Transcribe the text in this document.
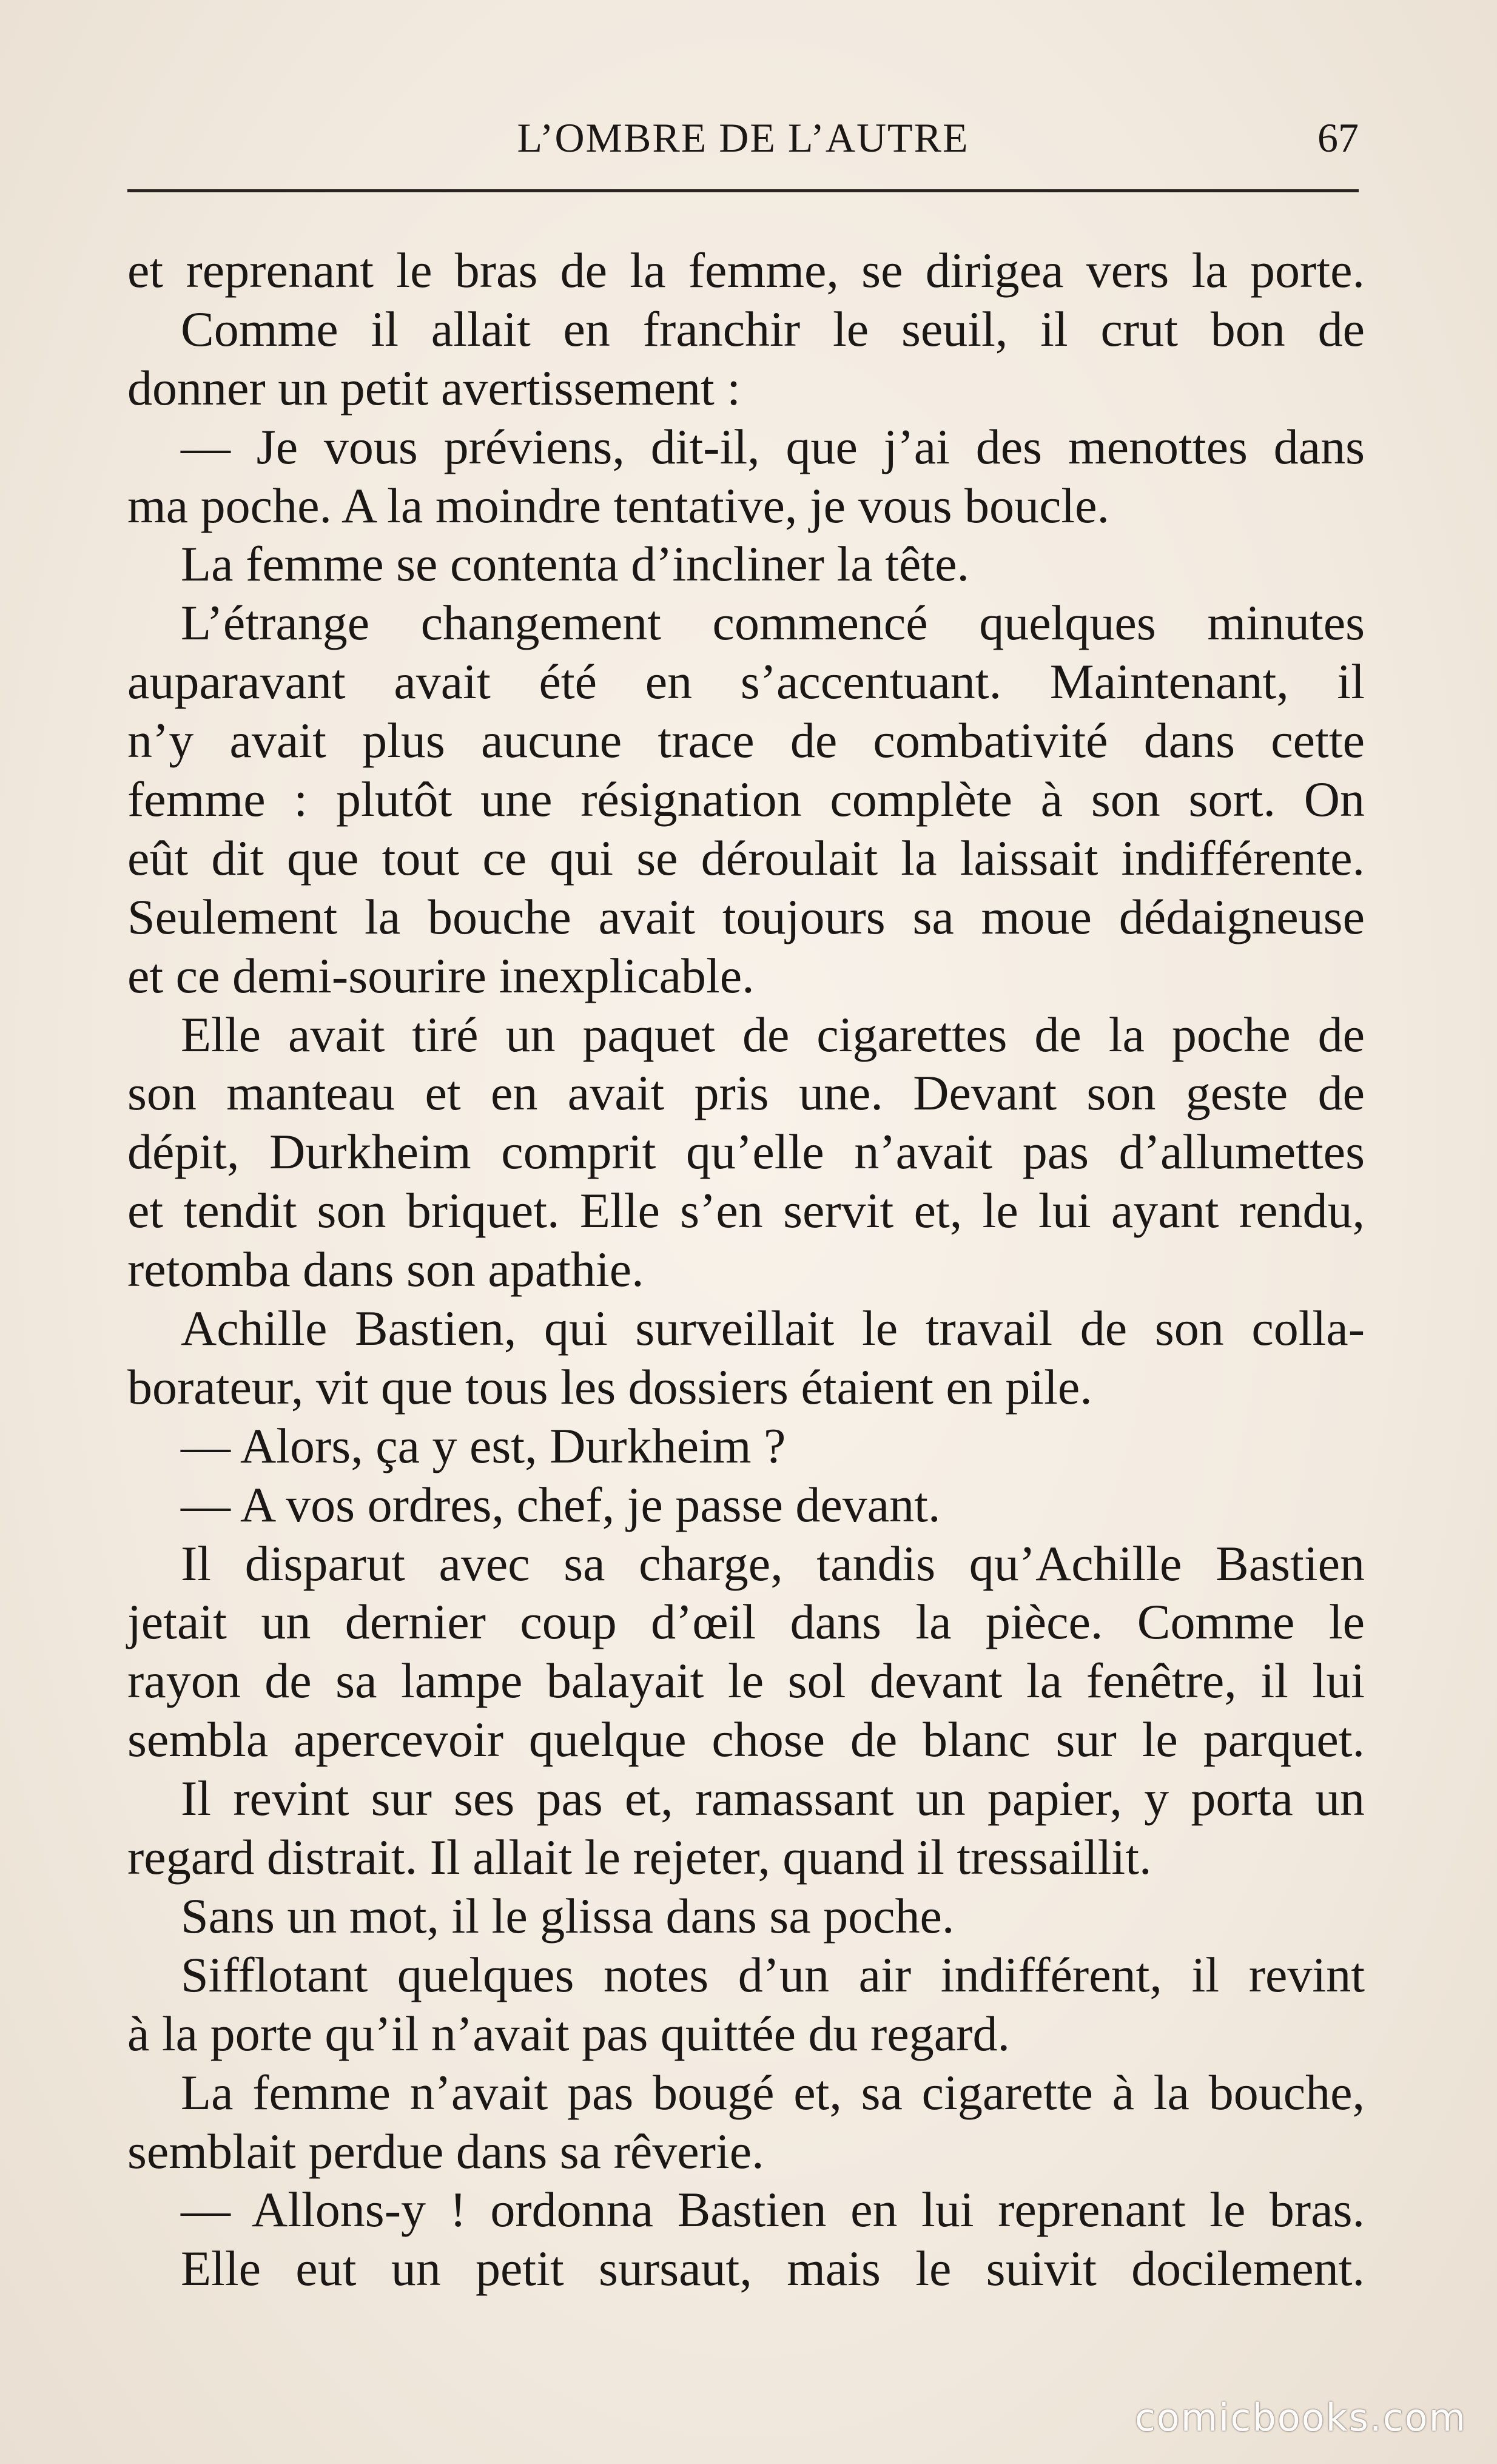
L’OMBRE DE L’AUTRE	67
et reprenant le bras de la femme, se dirigea vers la porte.
Comme il allait en franchir le seuil, il crut bon de
donner un petit avertissement :
— Je vous préviens, dit-il, que j’ai des menottes dans
ma poche. A la moindre tentative, je vous boucle.
La femme se contenta d’incliner la tête.
L’étrange changement commencé quelques minutes
auparavant avait été en s’accentuant. Maintenant, il
n’y avait plus aucune trace de combativité dans cette
femme : plutôt une résignation complète à son sort. On
eût dit que tout ce qui se déroulait la laissait indifférente.
Seulement la bouche avait toujours sa moue dédaigneuse
et ce demi-sourire inexplicable.
Elle avait tiré un paquet de cigarettes de la poche de
son manteau et en avait pris une. Devant son geste de
dépit, Durkheim comprit qu’elle n’avait pas d’allumettes
et tendit son briquet. Elle s’en servit et, le lui ayant rendu,
retomba dans son apathie.
Achille Bastien, qui surveillait le travail de son colla-
borateur, vit que tous les dossiers étaient en pile.
— Alors, ça y est, Durkheim ?
— A vos ordres, chef, je passe devant.
Il disparut avec sa charge, tandis qu’Achille Bastien
jetait un dernier coup d’œil dans la pièce. Comme le
rayon de sa lampe balayait le sol devant la fenêtre, il lui
sembla apercevoir quelque chose de blanc sur le parquet.
Il revint sur ses pas et, ramassant un papier, y porta un
regard distrait. Il allait le rejeter, quand il tressaillit.
Sans un mot, il le glissa dans sa poche.
Sifflotant quelques notes d’un air indifférent, il revint
à la porte qu’il n’avait pas quittée du regard.
La femme n’avait pas bougé et, sa cigarette à la bouche,
semblait perdue dans sa rêverie.
— Allons-y ! ordonna Bastien en lui reprenant le bras.
Elle eut un petit sursaut, mais le suivit docilement.
comicbooks.com
